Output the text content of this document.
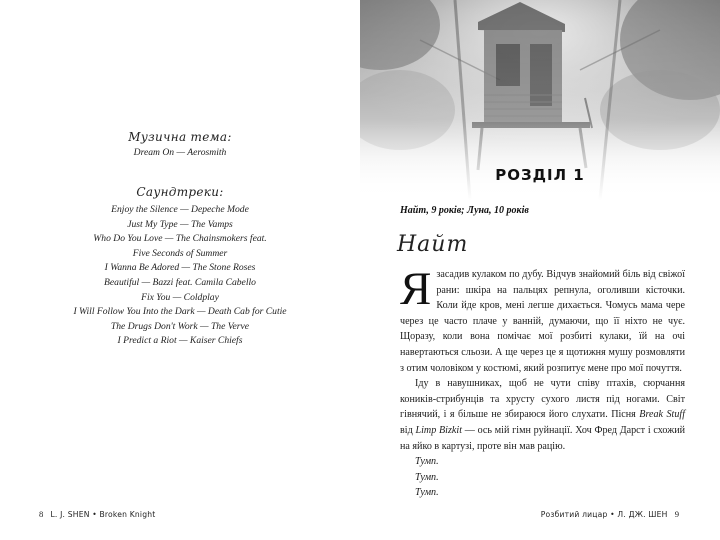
Музична тема:
Dream On — Aerosmith
Саундтреки:
Enjoy the Silence — Depeche Mode
Just My Type — The Vamps
Who Do You Love — The Chainsmokers feat.
Five Seconds of Summer
I Wanna Be Adored — The Stone Roses
Beautiful — Bazzi feat. Camila Cabello
Fix You — Coldplay
I Will Follow You Into the Dark — Death Cab for Cutie
The Drugs Don't Work — The Verve
I Predict a Riot — Kaiser Chiefs
8 L. J. SHEN • Broken Knight
РОЗДІЛ 1
Найт, 9 років; Луна, 10 років
Найт

Язасадив кулаком по дубу. Відчув знайомий біль від свіжої рани: шкіра на пальцях репнула, оголивши кісточки. Коли йде кров, мені легше дихається. Чомусь мама чере через це часто плаче у ванній, думаючи, що її ніхто не чує. Щоразу, коли вона помічає мої розбиті кулаки, їй на очі навертаються сльози. А ще через це я щотижня мушу розмовляти з отим чоловіком у костюмі, який розпитує мене про мої почуття.

Іду в навушниках, щоб не чути співу птахів, сюрчання коників-стрибунців та хрусту сухого листя під ногами. Світ гівнячий, і я більше не збираюся його слухати. Пісня Break Stuff від Limp Bizkit — ось мій гімн руйнації. Хоч Фред Дарст і схожий на яйко в картузі, проте він мав рацію.

Тумп.

Тумп.

Тумп.

Розбитий лицар • Л. ДЖ. ШЕН 9
